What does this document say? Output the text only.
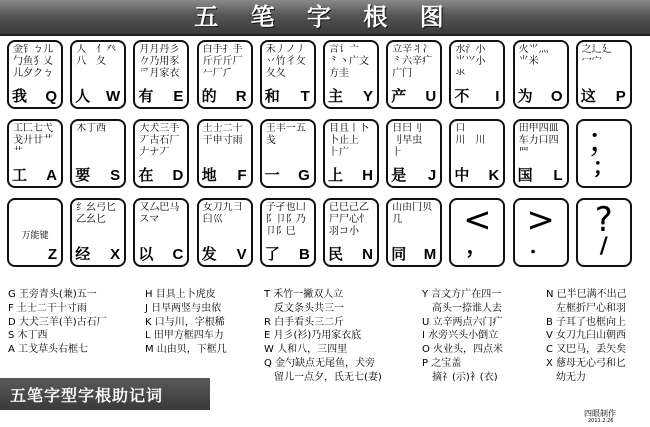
五 笔 字 根 图
金钅ㄅ儿
勹鱼犭乂
儿夕クㄅ
我 Q
人　亻癶
八　夂
人 W
月月丹彡
𠂊乃用豕
爫月家衣
有 E
白手扌手
斤斤斤厂
𠂉厂⺁
的 R
禾丿ノ丿
丷竹彳攵
夂夂
和 T
言讠亠
⺀丶广文
方圭
主 Y
立辛丬冫
⺀六辛疒
广门
产 U
水氵小
⺌⺍小
氺
不 I
火⺌灬
⺌米
为 O
之辶廴
冖宀
这 P
工匚七弋
戈廾廿艹
艹
工 A
木丁西
要 S
大犬三手
丆古石厂
𠂇ナ丆
在 D
土士二十
干申寸雨
地 F
王丰一五
戋
一 G
目且丨卜
卜止上
⺊广
上 H
日曰刂
刂早虫
⺊
是 J
口
川　川
中 K
田甲四皿
车力口四
罒
国 L
；
；
万能键
Z
纟幺弓匕
乙幺匕
经 X
又厶巴马
スマ
以 C
女刀九彐
臼巛
发 V
子孑也凵
阝卩阝乃
卩阝巳
了 B
已巳己乙
尸尸心忄
羽コ小
民 N
山由冂贝
几
同 M
<
，
>
．
?
/
G 王旁青头(兼)五一
F 土士二干十寸雨
D 大犬三羊(羊)古石厂
S 木丁西
A 工戈草头右框七
H 目具上卜虎皮
J 日早两竖与虫依
K 口与川，字根稀
L 田甲方框四车力
M 山由贝，下框几
T 禾竹一撇双人立
　反文条头共三一
R 白手看头三二斤
E 月彡(衫)乃用家衣底
W 人和八，三四里
Q 金勺缺点无尾鱼，犬旁
　留儿一点夕，氏无七(妻)
Y 言文方广在四一
　高头一捺谁人去
U 立辛两点六门疒
I 水旁兴头小倒立
O 火业头，四点米
P 之宝盖
　摘礻(示)衤(衣)
N 已半巳满不出己
　左框折尸心和羽
B 子耳了也框向上
V 女刀九臼山朝西
C 又巴马，丢矢矣
X 慈母无心弓和匕
　幼无力
五笔字型字根助记词
四眼制作
2011.2.26
